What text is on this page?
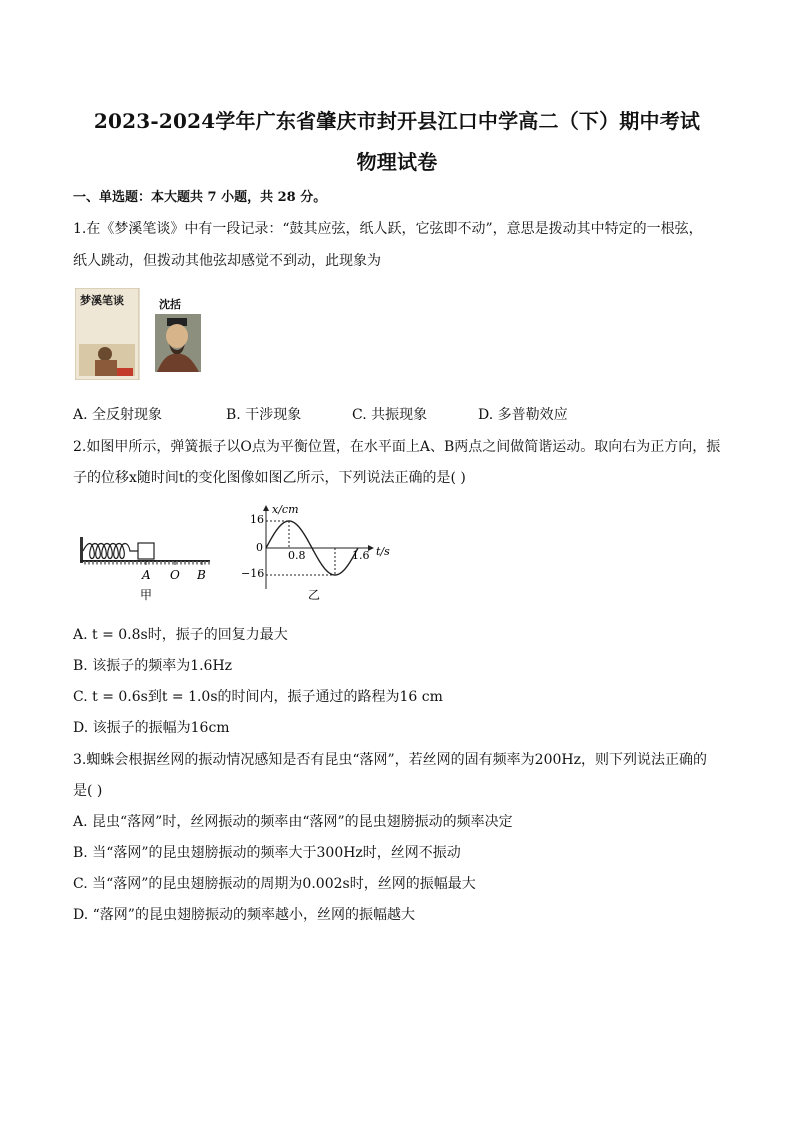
2023-2024学年广东省肇庆市封开县江口中学高二（下）期中考试
物理试卷
一、单选题：本大题共 7 小题，共 28 分。
1.在《梦溪笔谈》中有一段记录：“鼓其应弦，纸人跃，它弦即不动”，意思是拨动其中特定的一根弦，
纸人跳动，但拨动其他弦却感觉不到动，此现象为
梦溪笔谈	沈括
A. 全反射现象	B. 干涉现象	C. 共振现象	D. 多普勒效应
2.如图甲所示，弹簧振子以O点为平衡位置，在水平面上A、B两点之间做简谐运动。取向右为正方向，振
子的位移x随时间t的变化图像如图乙所示，下列说法正确的是( )
A O B
甲
16
0
−16
0.8	1.6
x/cm
t/s
乙
A. t = 0.8s时，振子的回复力最大
B. 该振子的频率为1.6Hz
C. t = 0.6s到t = 1.0s的时间内，振子通过的路程为16 cm
D. 该振子的振幅为16cm
3.蜘蛛会根据丝网的振动情况感知是否有昆虫“落网”，若丝网的固有频率为200Hz，则下列说法正确的
是( )
A. 昆虫“落网”时，丝网振动的频率由“落网”的昆虫翅膀振动的频率决定
B. 当“落网”的昆虫翅膀振动的频率大于300Hz时，丝网不振动
C. 当“落网”的昆虫翅膀振动的周期为0.002s时，丝网的振幅最大
D. “落网”的昆虫翅膀振动的频率越小，丝网的振幅越大
